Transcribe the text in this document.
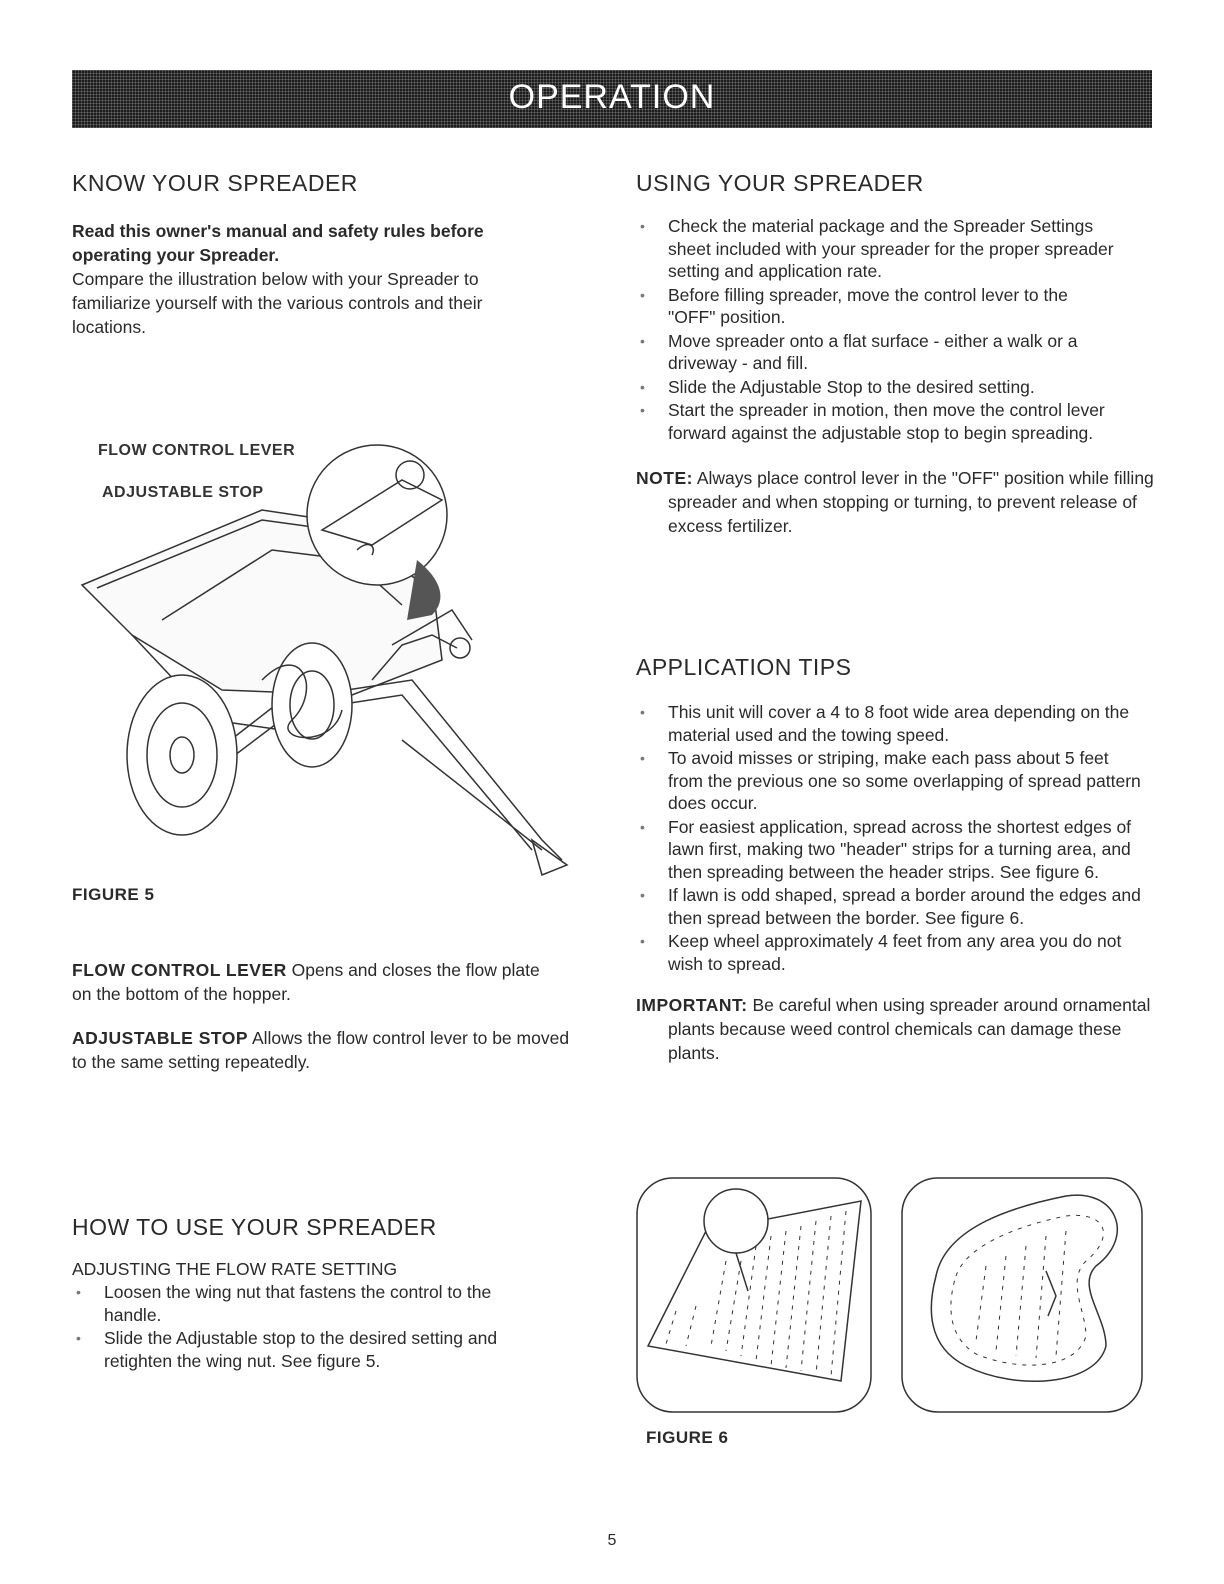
OPERATION
KNOW YOUR SPREADER

Read this owner's manual and safety rules before operating your Spreader.

Compare the illustration below with your Spreader to familiarize yourself with the various controls and their locations.

FLOW CONTROL LEVER
ADJUSTABLE STOP
FIGURE 5

FLOW CONTROL LEVER Opens and closes the flow plate on the bottom of the hopper.

ADJUSTABLE STOP Allows the flow control lever to be moved to the same setting repeatedly.

HOW TO USE YOUR SPREADER

ADJUSTING THE FLOW RATE SETTING

• Loosen the wing nut that fastens the control to the handle.
• Slide the Adjustable stop to the desired setting and retighten the wing nut. See figure 5.
USING YOUR SPREADER
• Check the material package and the Spreader Settings sheet included with your spreader for the proper spreader setting and application rate.
• Before filling spreader, move the control lever to the "OFF" position.
• Move spreader onto a flat surface - either a walk or a driveway - and fill.
• Slide the Adjustable Stop to the desired setting.
• Start the spreader in motion, then move the control lever forward against the adjustable stop to begin spreading.

NOTE: Always place control lever in the "OFF" position while filling spreader and when stopping or turning, to prevent release of excess fertilizer.

APPLICATION TIPS
• This unit will cover a 4 to 8 foot wide area depending on the material used and the towing speed.
• To avoid misses or striping, make each pass about 5 feet from the previous one so some overlapping of spread pattern does occur.
• For easiest application, spread across the shortest edges of lawn first, making two "header" strips for a turning area, and then spreading between the header strips. See figure 6.
• If lawn is odd shaped, spread a border around the edges and then spread between the border. See figure 6.
• Keep wheel approximately 4 feet from any area you do not wish to spread.

IMPORTANT: Be careful when using spreader around ornamental plants because weed control chemicals can damage these plants.

FIGURE 6
5
